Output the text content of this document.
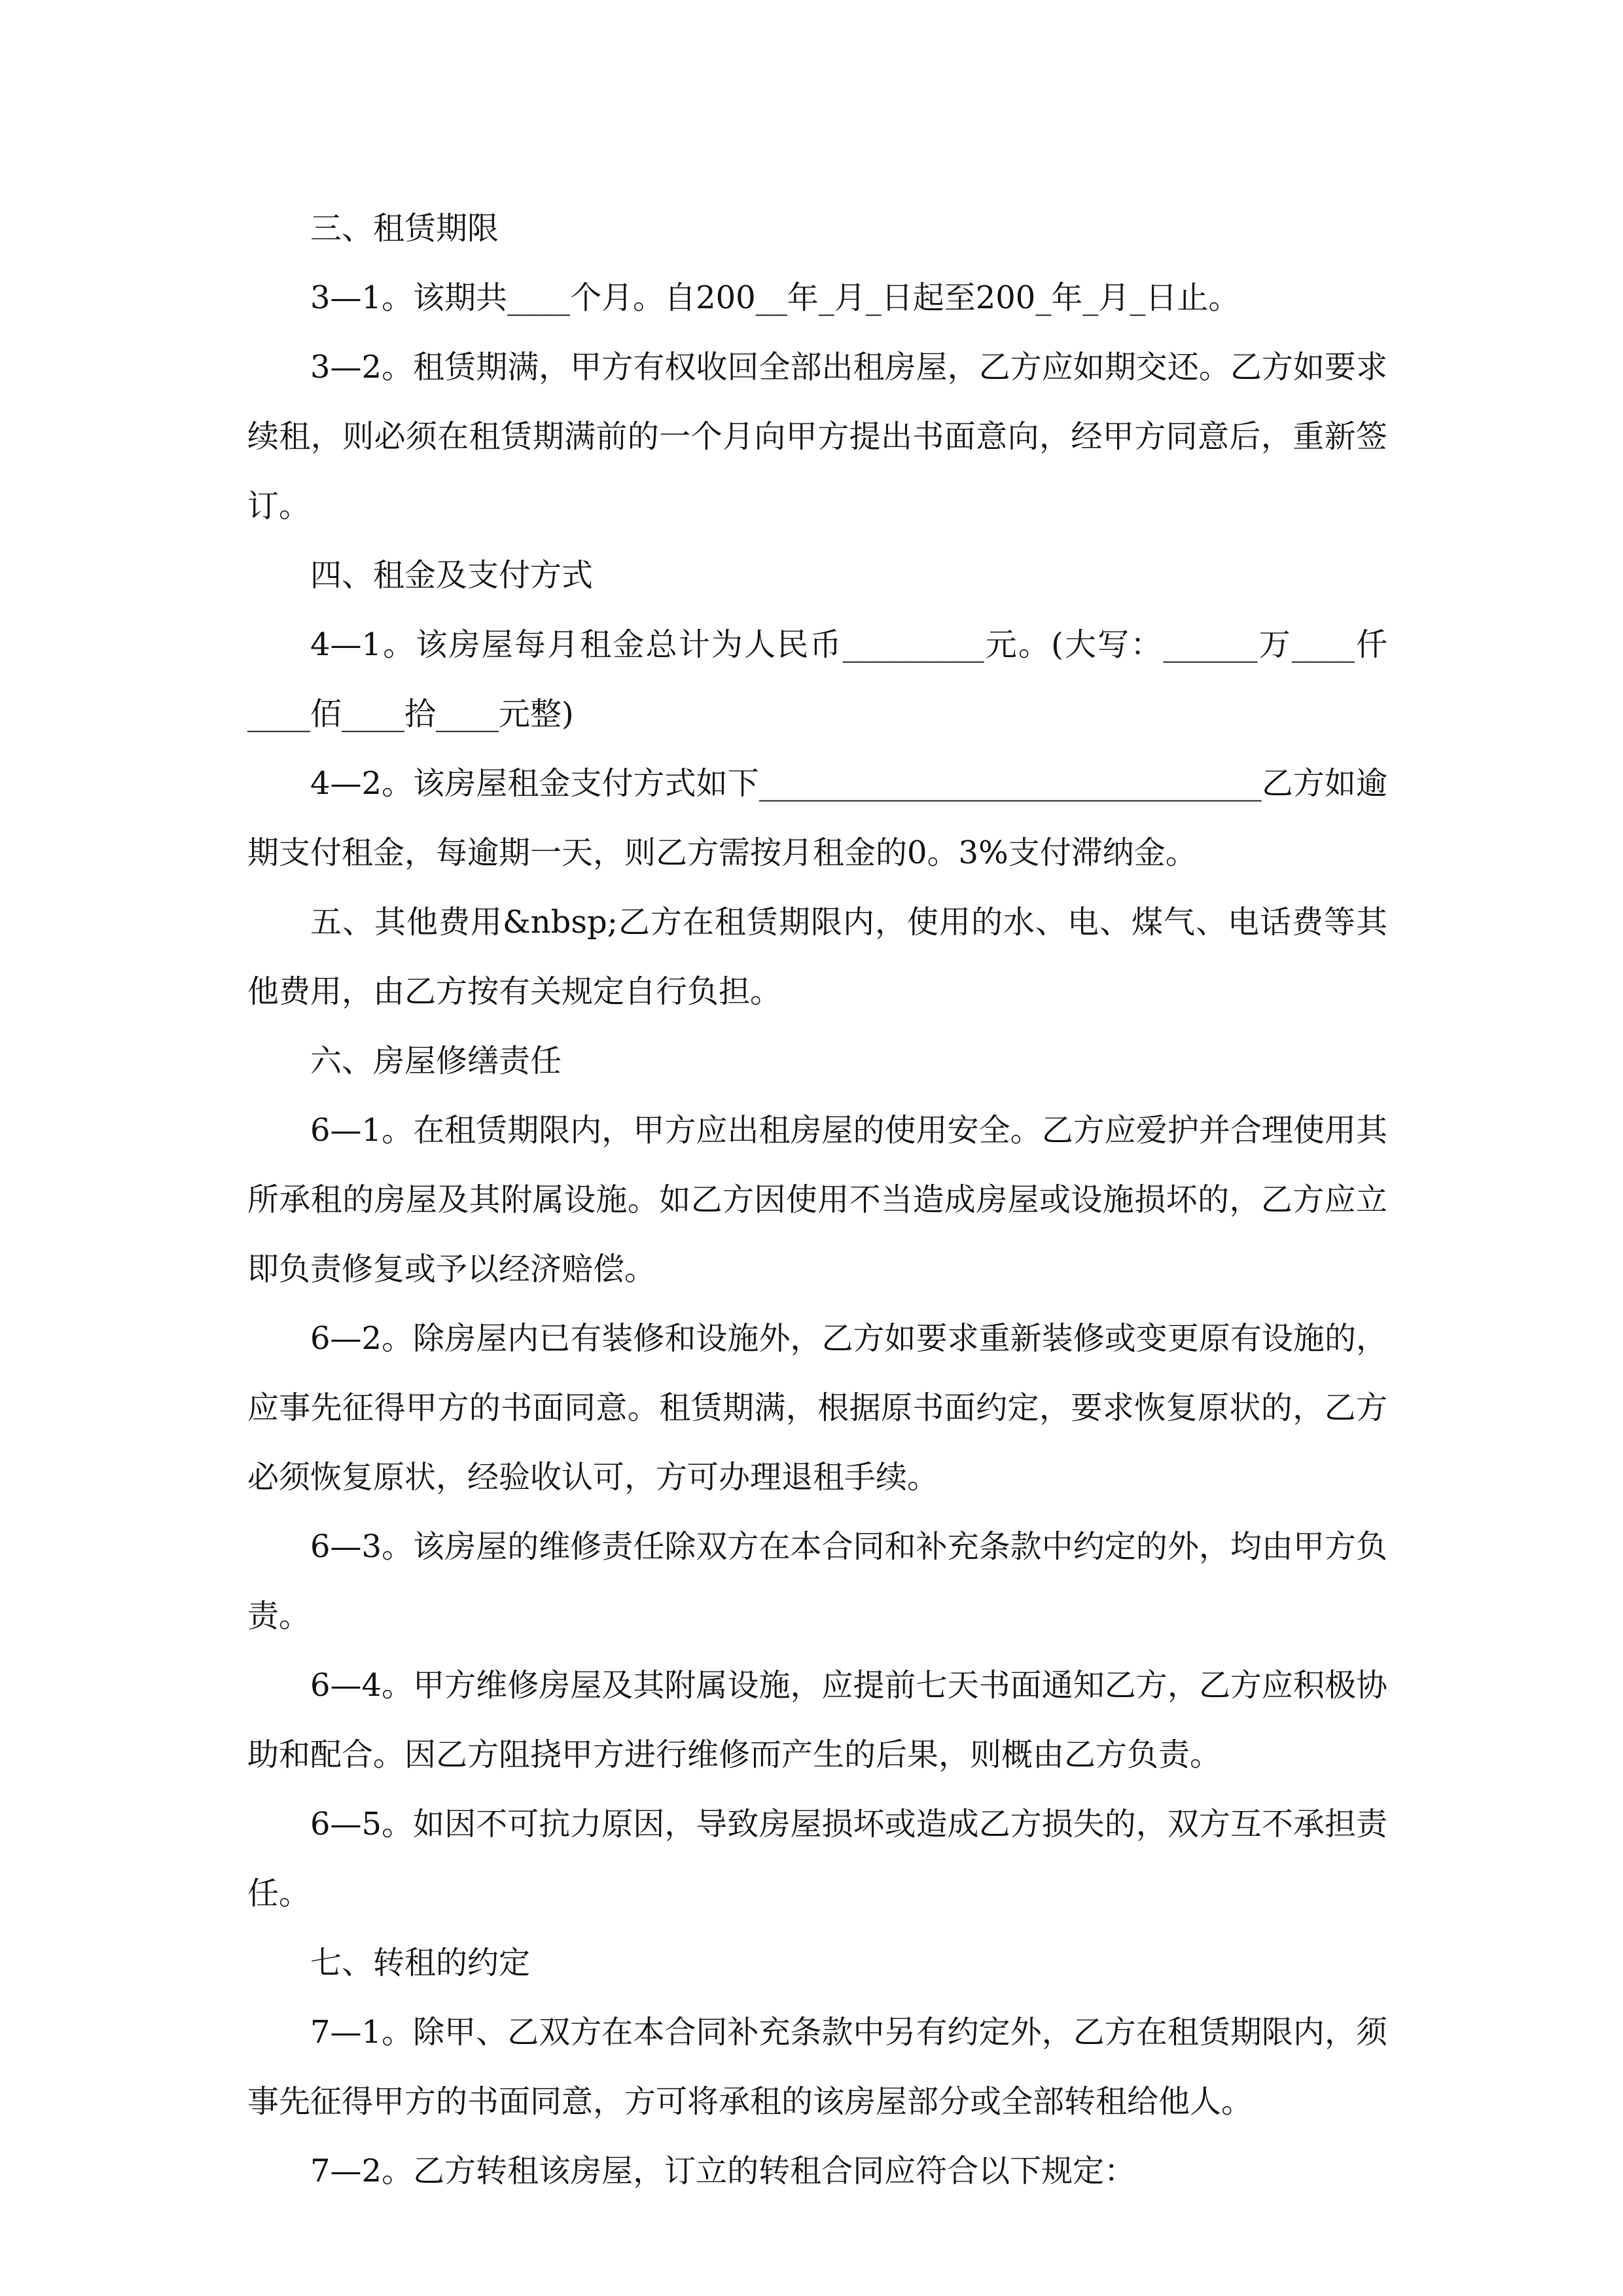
三、租赁期限

3—1。该期共____个月。自200__年_月_日起至200_年_月_日止。

3—2。租赁期满，甲方有权收回全部出租房屋，乙方应如期交还。乙方如要求续租，则必须在租赁期满前的一个月向甲方提出书面意向，经甲方同意后，重新签订。

四、租金及支付方式

4—1。该房屋每月租金总计为人民币_________元。(大写：______万____仟____佰____拾____元整)

4—2。该房屋租金支付方式如下________________________________乙方如逾期支付租金，每逾期一天，则乙方需按月租金的0。3%支付滞纳金。

五、其他费用&nbsp;乙方在租赁期限内，使用的水、电、煤气、电话费等其他费用，由乙方按有关规定自行负担。

六、房屋修缮责任

6—1。在租赁期限内，甲方应出租房屋的使用安全。乙方应爱护并合理使用其所承租的房屋及其附属设施。如乙方因使用不当造成房屋或设施损坏的，乙方应立即负责修复或予以经济赔偿。

6—2。除房屋内已有装修和设施外，乙方如要求重新装修或变更原有设施的，应事先征得甲方的书面同意。租赁期满，根据原书面约定，要求恢复原状的，乙方必须恢复原状，经验收认可，方可办理退租手续。

6—3。该房屋的维修责任除双方在本合同和补充条款中约定的外，均由甲方负责。

6—4。甲方维修房屋及其附属设施，应提前七天书面通知乙方，乙方应积极协助和配合。因乙方阻挠甲方进行维修而产生的后果，则概由乙方负责。

6—5。如因不可抗力原因，导致房屋损坏或造成乙方损失的，双方互不承担责任。

七、转租的约定

7—1。除甲、乙双方在本合同补充条款中另有约定外，乙方在租赁期限内，须事先征得甲方的书面同意，方可将承租的该房屋部分或全部转租给他人。

7—2。乙方转租该房屋，订立的转租合同应符合以下规定：
